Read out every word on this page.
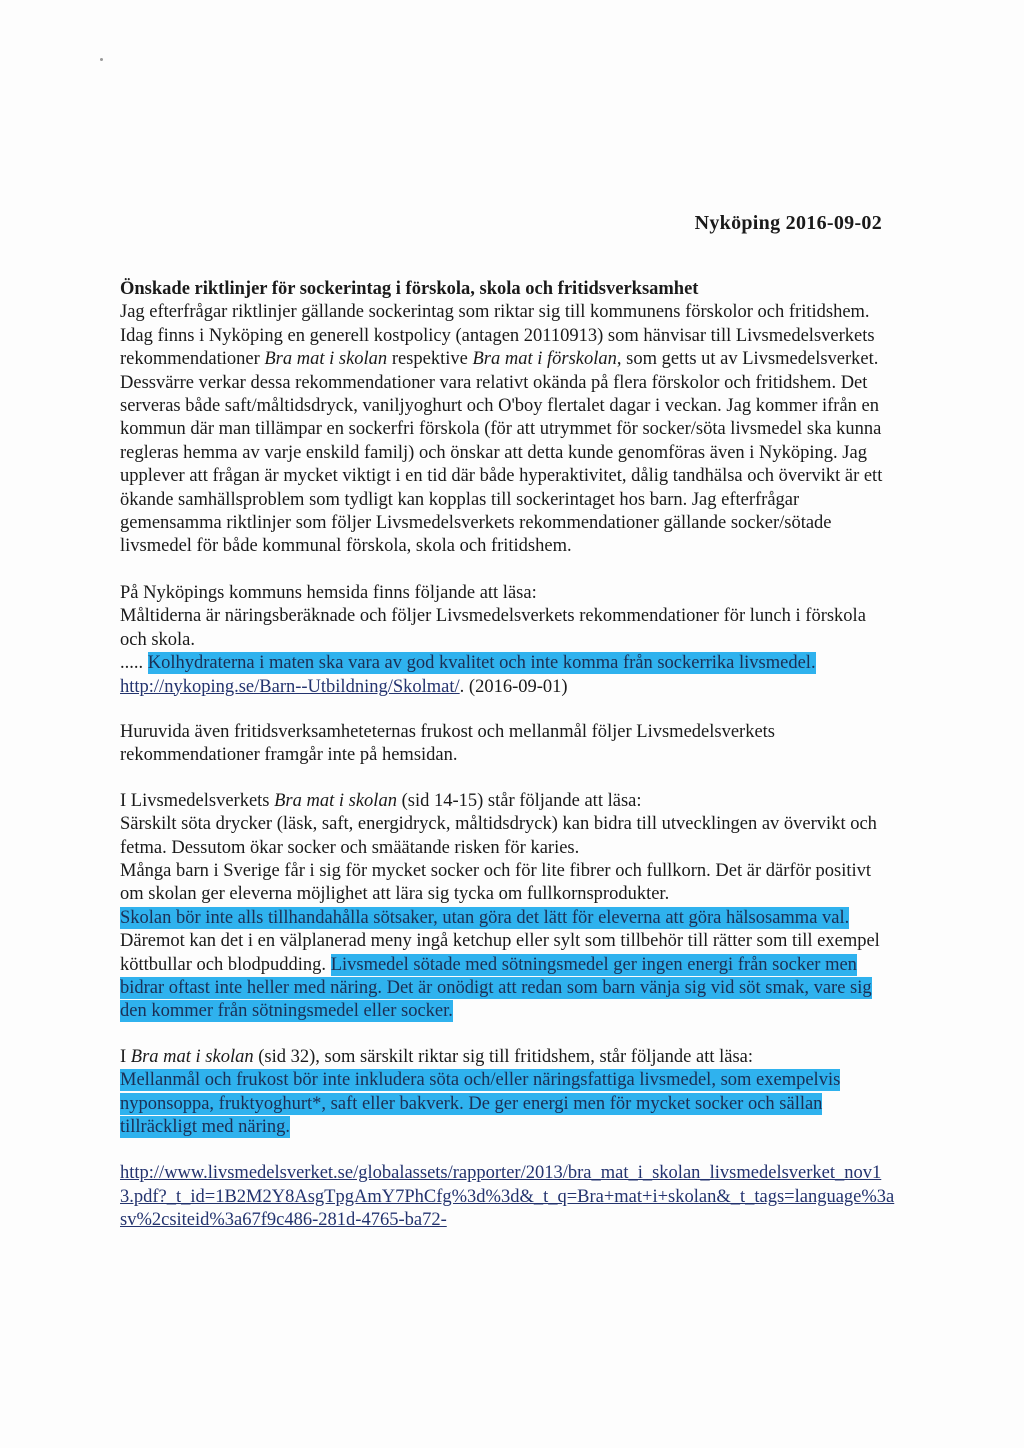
Nyköping 2016-09-02

Önskade riktlinjer för sockerintag i förskola, skola och fritidsverksamhet

Jag efterfrågar riktlinjer gällande sockerintag som riktar sig till kommunens förskolor och fritidshem. Idag finns i Nyköping en generell kostpolicy (antagen 20110913) som hänvisar till Livsmedelsverkets rekommendationer Bra mat i skolan respektive Bra mat i förskolan, som getts ut av Livsmedelsverket. Dessvärre verkar dessa rekommendationer vara relativt okända på flera förskolor och fritidshem. Det serveras både saft/måltidsdryck, vaniljyoghurt och O'boy flertalet dagar i veckan. Jag kommer ifrån en kommun där man tillämpar en sockerfri förskola (för att utrymmet för socker/söta livsmedel ska kunna regleras hemma av varje enskild familj) och önskar att detta kunde genomföras även i Nyköping. Jag upplever att frågan är mycket viktigt i en tid där både hyperaktivitet, dålig tandhälsa och övervikt är ett ökande samhällsproblem som tydligt kan kopplas till sockerintaget hos barn. Jag efterfrågar gemensamma riktlinjer som följer Livsmedelsverkets rekommendationer gällande socker/sötade livsmedel för både kommunal förskola, skola och fritidshem.

På Nyköpings kommuns hemsida finns följande att läsa:

Måltiderna är näringsberäknade och följer Livsmedelsverkets rekommendationer för lunch i förskola och skola.

..... Kolhydraterna i maten ska vara av god kvalitet och inte komma från sockerrika livsmedel.

http://nykoping.se/Barn--Utbildning/Skolmat/. (2016-09-01)

Huruvida även fritidsverksamheteternas frukost och mellanmål följer Livsmedelsverkets rekommendationer framgår inte på hemsidan.

I Livsmedelsverkets Bra mat i skolan (sid 14-15) står följande att läsa:

Särskilt söta drycker (läsk, saft, energidryck, måltidsdryck) kan bidra till utvecklingen av övervikt och fetma. Dessutom ökar socker och smäätande risken för karies.

Många barn i Sverige får i sig för mycket socker och för lite fibrer och fullkorn. Det är därför positivt om skolan ger eleverna möjlighet att lära sig tycka om fullkornsprodukter.

Skolan bör inte alls tillhandahålla sötsaker, utan göra det lätt för eleverna att göra hälsosamma val. Däremot kan det i en välplanerad meny ingå ketchup eller sylt som tillbehör till rätter som till exempel köttbullar och blodpudding. Livsmedel sötade med sötningsmedel ger ingen energi från socker men bidrar oftast inte heller med näring. Det är onödigt att redan som barn vänja sig vid söt smak, vare sig den kommer från sötningsmedel eller socker.

I Bra mat i skolan (sid 32), som särskilt riktar sig till fritidshem, står följande att läsa:

Mellanmål och frukost bör inte inkludera söta och/eller näringsfattiga livsmedel, som exempelvis nyponsoppa, fruktyoghurt*, saft eller bakverk. De ger energi men för mycket socker och sällan tillräckligt med näring.

http://www.livsmedelsverket.se/globalassets/rapporter/2013/bra_mat_i_skolan_livsmedelsverket_nov13.pdf?_t_id=1B2M2Y8AsgTpgAmY7PhCfg%3d%3d&_t_q=Bra+mat+i+skolan&_t_tags=language%3asv%2csiteid%3a67f9c486-281d-4765-ba72-
